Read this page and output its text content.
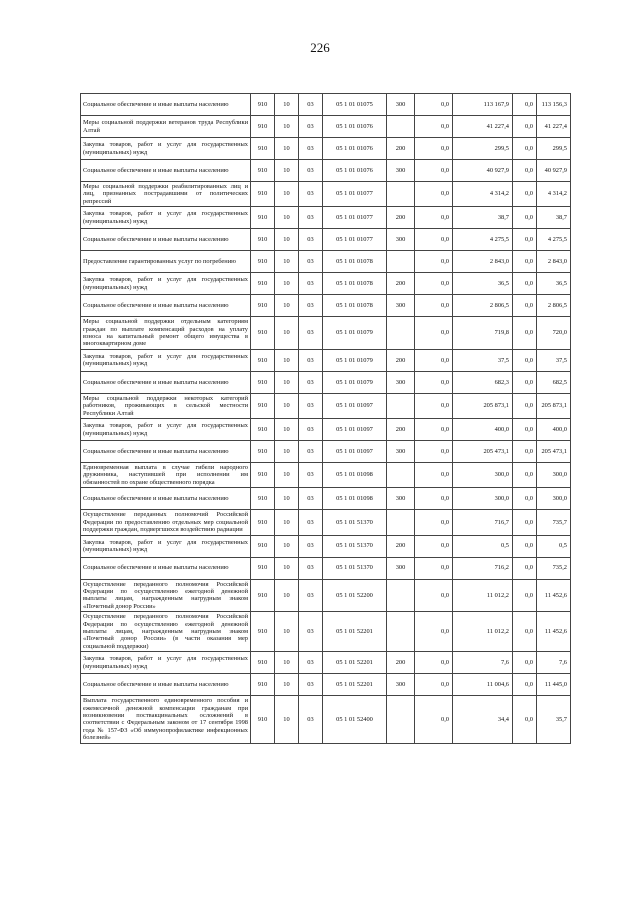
226
Социальное обеспечение и иные выплаты населению	910	10	03	05 1 01 01075	300	0,0	113 167,9	0,0	113 156,3
Меры социальной поддержки ветеранов труда Республики Алтай	910	10	03	05 1 01 01076		0,0	41 227,4	0,0	41 227,4
Закупка товаров, работ и услуг для государственных (муниципальных) нужд	910	10	03	05 1 01 01076	200	0,0	299,5	0,0	299,5
Социальное обеспечение и иные выплаты населению	910	10	03	05 1 01 01076	300	0,0	40 927,9	0,0	40 927,9
Меры социальной поддержки реабилитированных лиц и лиц, признанных пострадавшими от политических репрессий	910	10	03	05 1 01 01077		0,0	4 314,2	0,0	4 314,2
Закупка товаров, работ и услуг для государственных (муниципальных) нужд	910	10	03	05 1 01 01077	200	0,0	38,7	0,0	38,7
Социальное обеспечение и иные выплаты населению	910	10	03	05 1 01 01077	300	0,0	4 275,5	0,0	4 275,5
Предоставление гарантированных услуг по погребению	910	10	03	05 1 01 01078		0,0	2 843,0	0,0	2 843,0
Закупка товаров, работ и услуг для государственных (муниципальных) нужд	910	10	03	05 1 01 01078	200	0,0	36,5	0,0	36,5
Социальное обеспечение и иные выплаты населению	910	10	03	05 1 01 01078	300	0,0	2 806,5	0,0	2 806,5
Меры социальной поддержки отдельным категориям граждан по выплате компенсаций расходов на уплату взноса на капитальный ремонт общего имущества в многоквартирном доме	910	10	03	05 1 01 01079		0,0	719,8	0,0	720,0
Закупка товаров, работ и услуг для государственных (муниципальных) нужд	910	10	03	05 1 01 01079	200	0,0	37,5	0,0	37,5
Социальное обеспечение и иные выплаты населению	910	10	03	05 1 01 01079	300	0,0	682,3	0,0	682,5
Меры социальной поддержки некоторых категорий работников, проживающих в сельской местности Республики Алтай	910	10	03	05 1 01 01097		0,0	205 873,1	0,0	205 873,1
Закупка товаров, работ и услуг для государственных (муниципальных) нужд	910	10	03	05 1 01 01097	200	0,0	400,0	0,0	400,0
Социальное обеспечение и иные выплаты населению	910	10	03	05 1 01 01097	300	0,0	205 473,1	0,0	205 473,1
Единовременная выплата в случае гибели народного дружинника, наступившей при исполнении им обязанностей по охране общественного порядка	910	10	03	05 1 01 01098		0,0	300,0	0,0	300,0
Социальное обеспечение и иные выплаты населению	910	10	03	05 1 01 01098	300	0,0	300,0	0,0	300,0
Осуществление переданных полномочий Российской Федерации по предоставлению отдельных мер социальной поддержки граждан, подвергшихся воздействию радиации	910	10	03	05 1 01 51370		0,0	716,7	0,0	735,7
Закупка товаров, работ и услуг для государственных (муниципальных) нужд	910	10	03	05 1 01 51370	200	0,0	0,5	0,0	0,5
Социальное обеспечение и иные выплаты населению	910	10	03	05 1 01 51370	300	0,0	716,2	0,0	735,2
Осуществление переданного полномочия Российской Федерации по осуществлению ежегодной денежной выплаты лицам, награжденным нагрудным знаком «Почетный донор России»	910	10	03	05 1 01 52200		0,0	11 012,2	0,0	11 452,6
Осуществление переданного полномочия Российской Федерации по осуществлению ежегодной денежной выплаты лицам, награжденным нагрудным знаком «Почетный донор России» (в части оказания мер социальной поддержки)	910	10	03	05 1 01 52201		0,0	11 012,2	0,0	11 452,6
Закупка товаров, работ и услуг для государственных (муниципальных) нужд	910	10	03	05 1 01 52201	200	0,0	7,6	0,0	7,6
Социальное обеспечение и иные выплаты населению	910	10	03	05 1 01 52201	300	0,0	11 004,6	0,0	11 445,0
Выплата государственного единовременного пособия и ежемесячной денежной компенсации гражданам при возникновении поствакцинальных осложнений в соответствии с Федеральным законом от 17 сентября 1998 года № 157-ФЗ «Об иммунопрофилактике инфекционных болезней»	910	10	03	05 1 01 52400		0,0	34,4	0,0	35,7
